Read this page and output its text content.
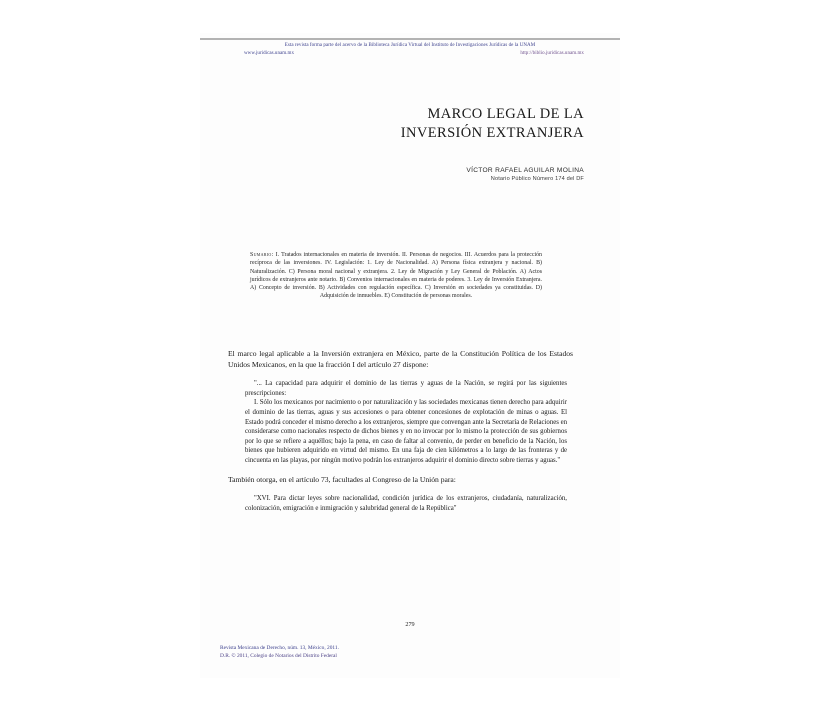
Esta revista forma parte del acervo de la Biblioteca Jurídica Virtual del Instituto de Investigaciones Jurídicas de la UNAM
www.juridicas.unam.mx	http://biblio.juridicas.unam.mx
MARCO LEGAL DE LA
INVERSIÓN EXTRANJERA
VÍCTOR RAFAEL AGUILAR MOLINA
Notario Público Número 174 del DF
Sumario: I. Tratados internacionales en materia de inversión. II. Personas de negocios. III. Acuerdos para la protección recíproca de las inversiones. IV. Legislación: 1. Ley de Nacionalidad. A) Persona física extranjera y nacional. B) Naturalización. C) Persona moral nacional y extranjera. 2. Ley de Migración y Ley General de Población. A) Actos jurídicos de extranjeros ante notario. B) Convenios internacionales en materia de poderes. 3. Ley de Inversión Extranjera. A) Concepto de inversión. B) Actividades con regulación específica. C) Inversión en sociedades ya constituidas. D) Adquisición de inmuebles. E) Constitución de personas morales.

El marco legal aplicable a la Inversión extranjera en México, parte de la Constitución Política de los Estados Unidos Mexicanos, en la que la fracción I del artículo 27 dispone:

"... La capacidad para adquirir el dominio de las tierras y aguas de la Nación, se regirá por las siguientes prescripciones:
I. Sólo los mexicanos por nacimiento o por naturalización y las sociedades mexicanas tienen derecho para adquirir el dominio de las tierras, aguas y sus accesiones o para obtener concesiones de explotación de minas o aguas. El Estado podrá conceder el mismo derecho a los extranjeros, siempre que convengan ante la Secretaría de Relaciones en considerarse como nacionales respecto de dichos bienes y en no invocar por lo mismo la protección de sus gobiernos por lo que se refiere a aquéllos; bajo la pena, en caso de faltar al convenio, de perder en beneficio de la Nación, los bienes que hubieren adquirido en virtud del mismo. En una faja de cien kilómetros a lo largo de las fronteras y de cincuenta en las playas, por ningún motivo podrán los extranjeros adquirir el dominio directo sobre tierras y aguas."

También otorga, en el artículo 73, facultades al Congreso de la Unión para:

"XVI. Para dictar leyes sobre nacionalidad, condición jurídica de los extranjeros, ciudadanía, naturalización, colonización, emigración e inmigración y salubridad general de la República"
279
Revista Mexicana de Derecho, núm. 13, México, 2011.
D.R. © 2011, Colegio de Notarios del Distrito Federal
